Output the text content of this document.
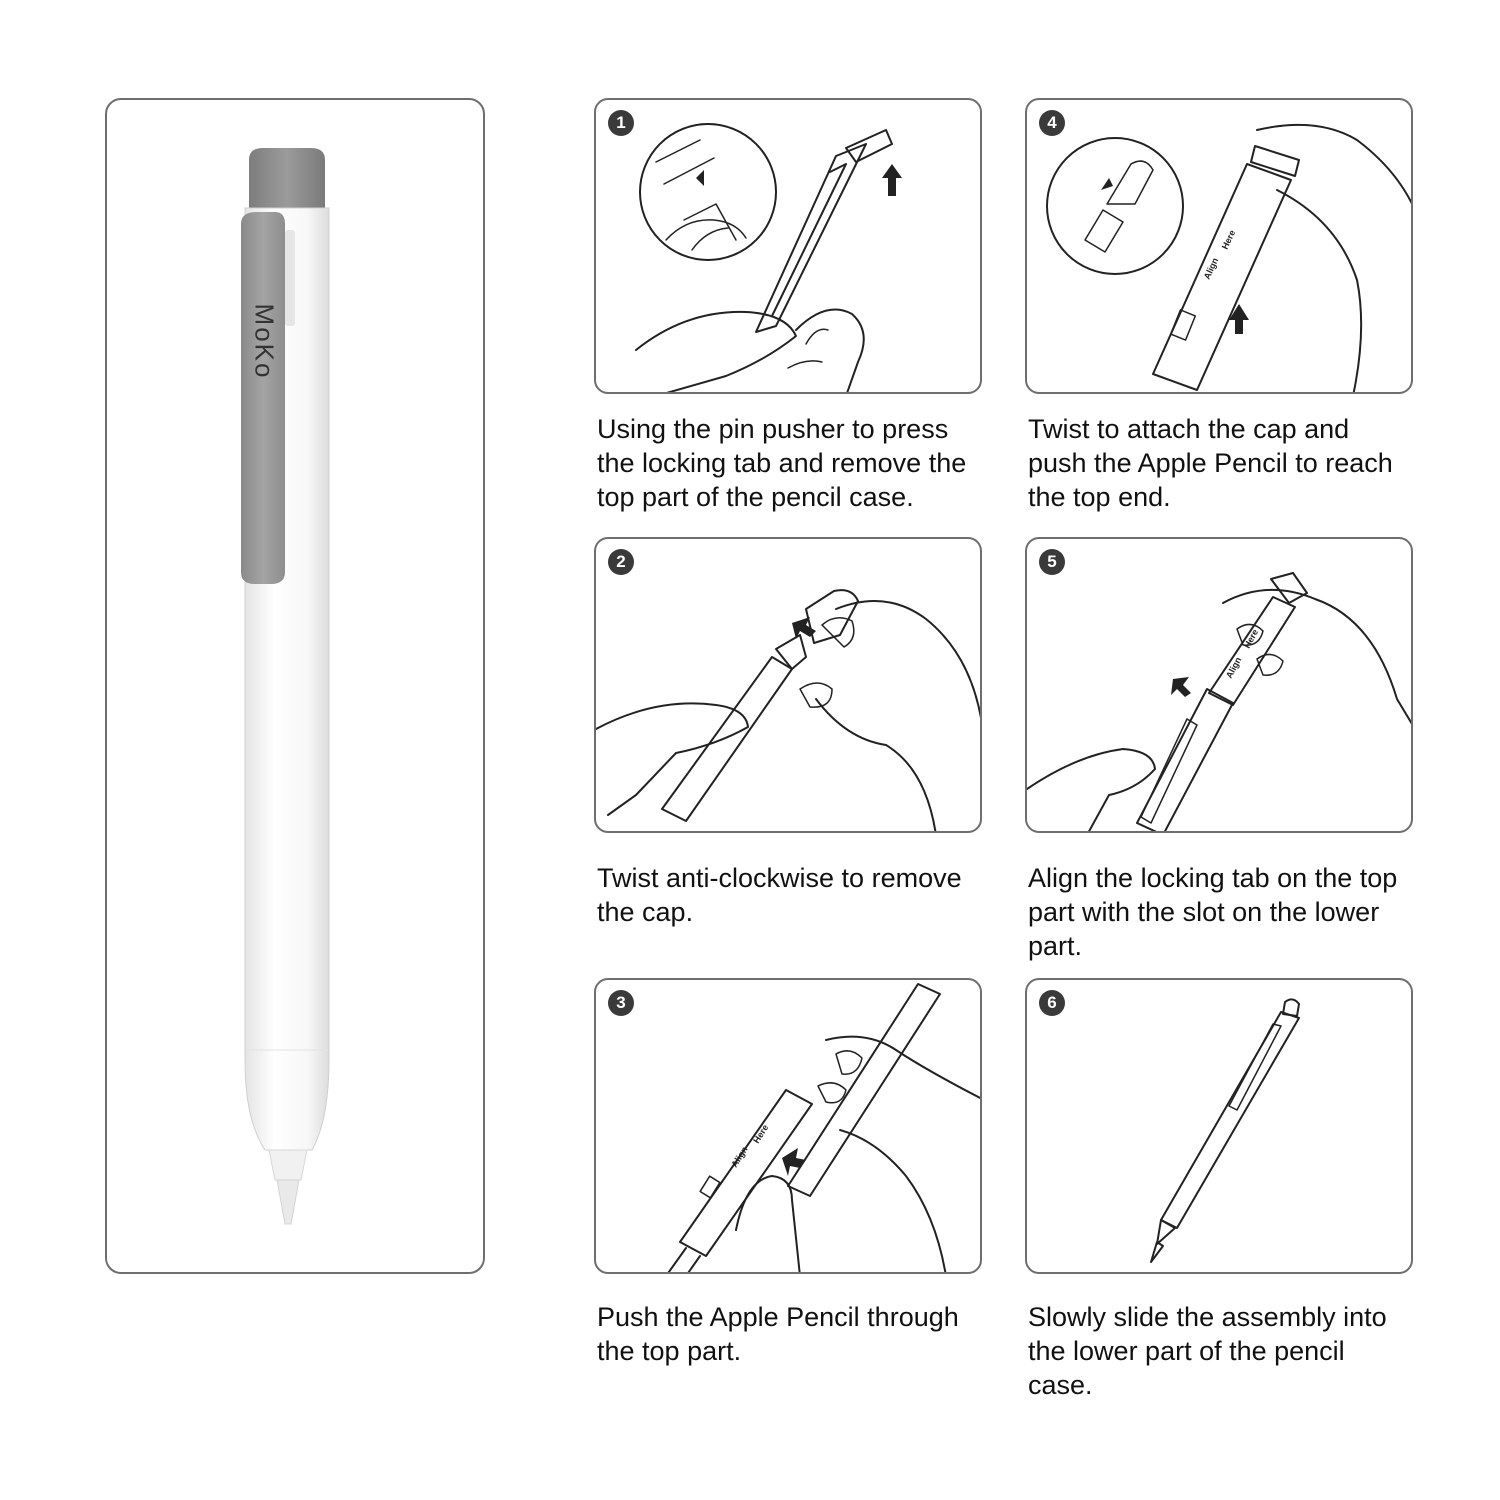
MoKo
1
Using the pin pusher to press
the locking tab and remove the
top part of the pencil case.
2
Twist anti-clockwise to remove
the cap.
Align
Here
3
Push the Apple Pencil through
the top part.
Align
Here
4
Twist to attach the cap and
push the Apple Pencil to reach
the top end.
Align
Here
5
Align the locking tab on the top
part with the slot on the lower
part.
6
Slowly slide the assembly into
the lower part of the pencil
case.
